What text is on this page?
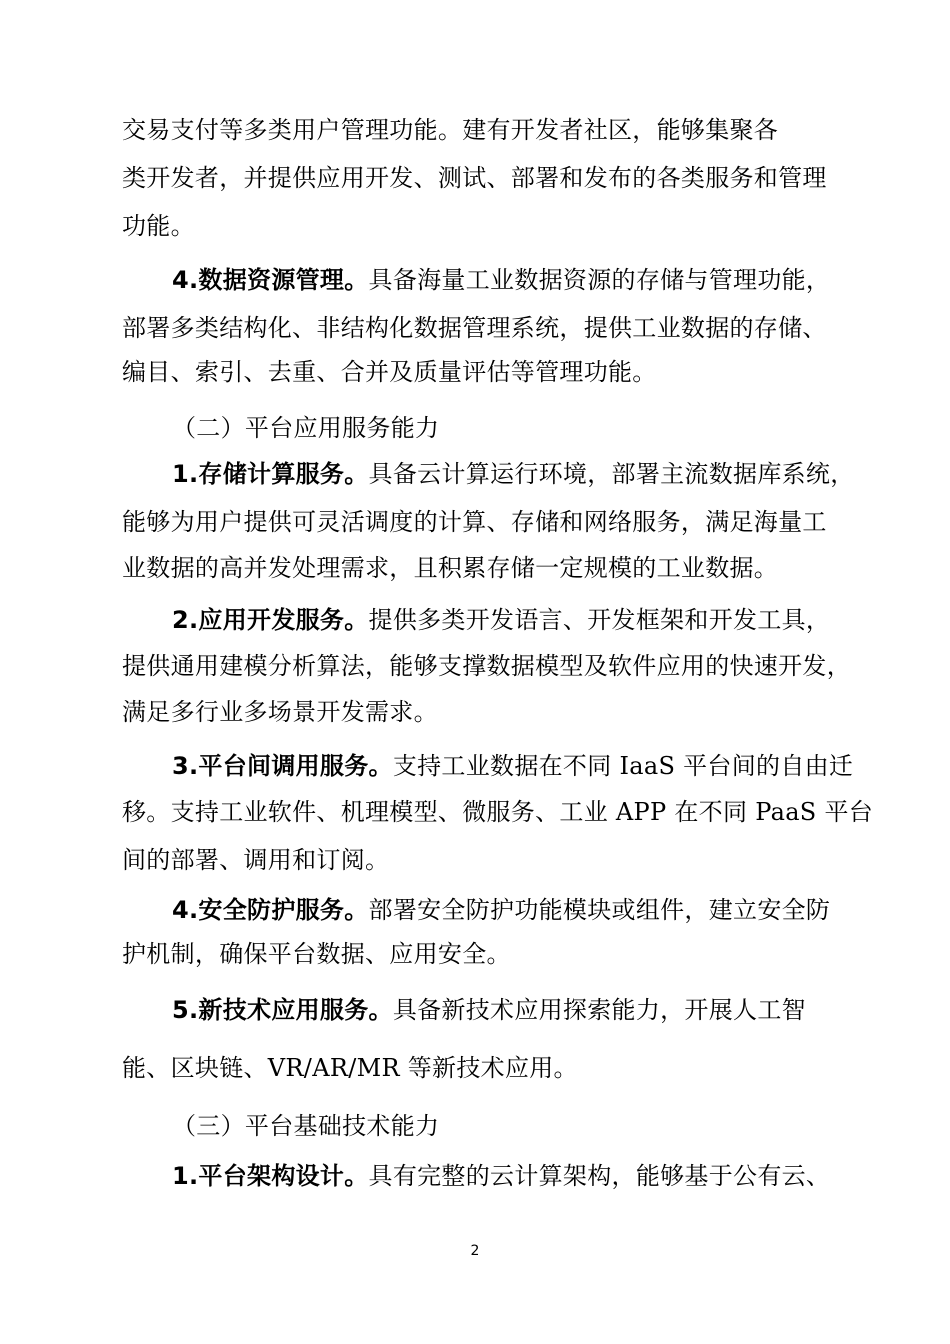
交易支付等多类用户管理功能。建有开发者社区，能够集聚各
类开发者，并提供应用开发、测试、部署和发布的各类服务和管理
功能。
4.数据资源管理。具备海量工业数据资源的存储与管理功能，
部署多类结构化、非结构化数据管理系统，提供工业数据的存储、
编目、索引、去重、合并及质量评估等管理功能。
（二）平台应用服务能力
1.存储计算服务。具备云计算运行环境，部署主流数据库系统，
能够为用户提供可灵活调度的计算、存储和网络服务，满足海量工
业数据的高并发处理需求，且积累存储一定规模的工业数据。
2.应用开发服务。提供多类开发语言、开发框架和开发工具，
提供通用建模分析算法，能够支撑数据模型及软件应用的快速开发，
满足多行业多场景开发需求。
3.平台间调用服务。支持工业数据在不同 IaaS 平台间的自由迁
移。支持工业软件、机理模型、微服务、工业 APP 在不同 PaaS 平台
间的部署、调用和订阅。
4.安全防护服务。部署安全防护功能模块或组件，建立安全防
护机制，确保平台数据、应用安全。
5.新技术应用服务。具备新技术应用探索能力，开展人工智
能、区块链、VR/AR/MR 等新技术应用。
（三）平台基础技术能力
1.平台架构设计。具有完整的云计算架构，能够基于公有云、
2
